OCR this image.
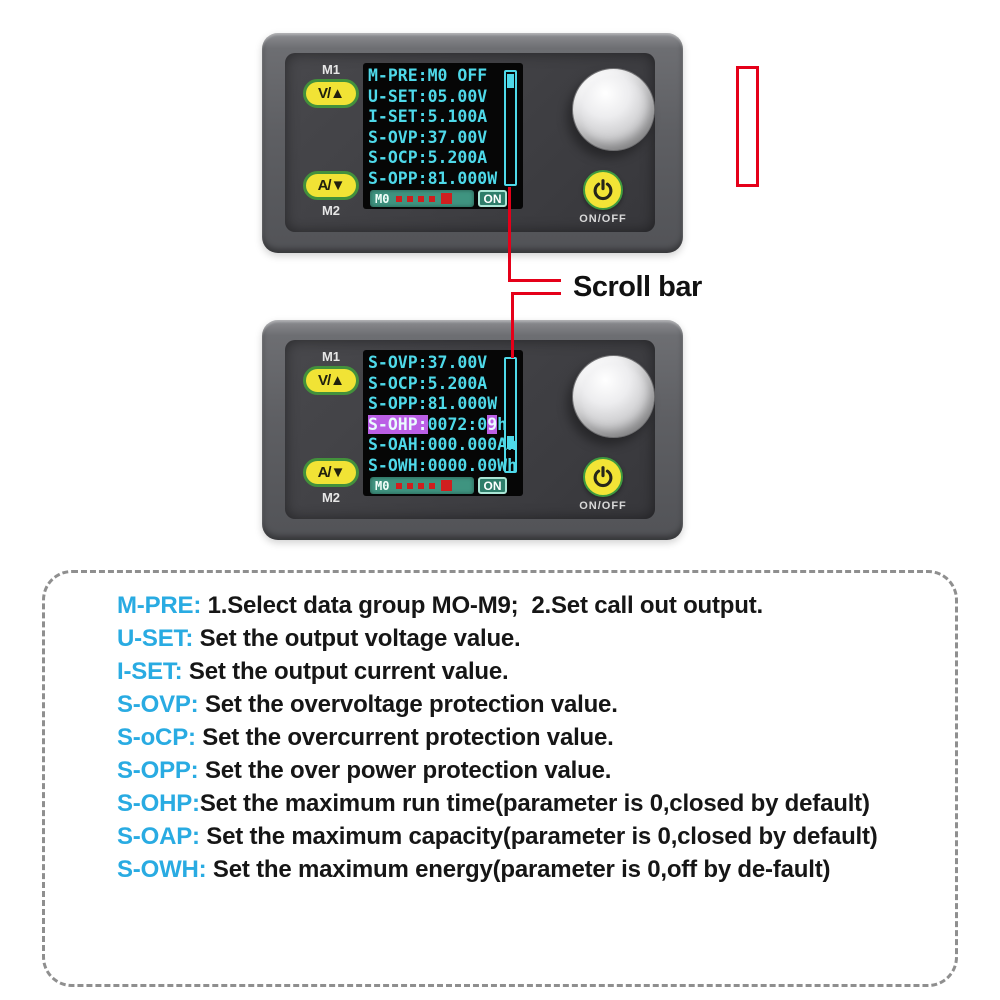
M1
V/▲
A/▼
M2
M-PRE:M0 OFF
U-SET:05.00V
I-SET:5.100A
S-OVP:37.00V
S-OCP:5.200A
S-OPP:81.000W
M0	ON
ON/OFF
Scroll bar
M1
V/▲
A/▼
M2
S-OVP:37.00V
S-OCP:5.200A
S-OPP:81.000W
S-OHP:0072:09h
S-OAH:000.000Ah
S-OWH:0000.00Wh
M0	ON
ON/OFF
M-PRE: 1.Select data group MO-M9;  2.Set call out output.
U-SET: Set the output voltage value.
I-SET: Set the output current value.
S-OVP: Set the overvoltage protection value.
S-oCP: Set the overcurrent protection value.
S-OPP: Set the over power protection value.
S-OHP:Set the maximum run time(parameter is 0,closed by default)
S-OAP: Set the maximum capacity(parameter is 0,closed by default)
S-OWH: Set the maximum energy(parameter is 0,off by de-fault)
